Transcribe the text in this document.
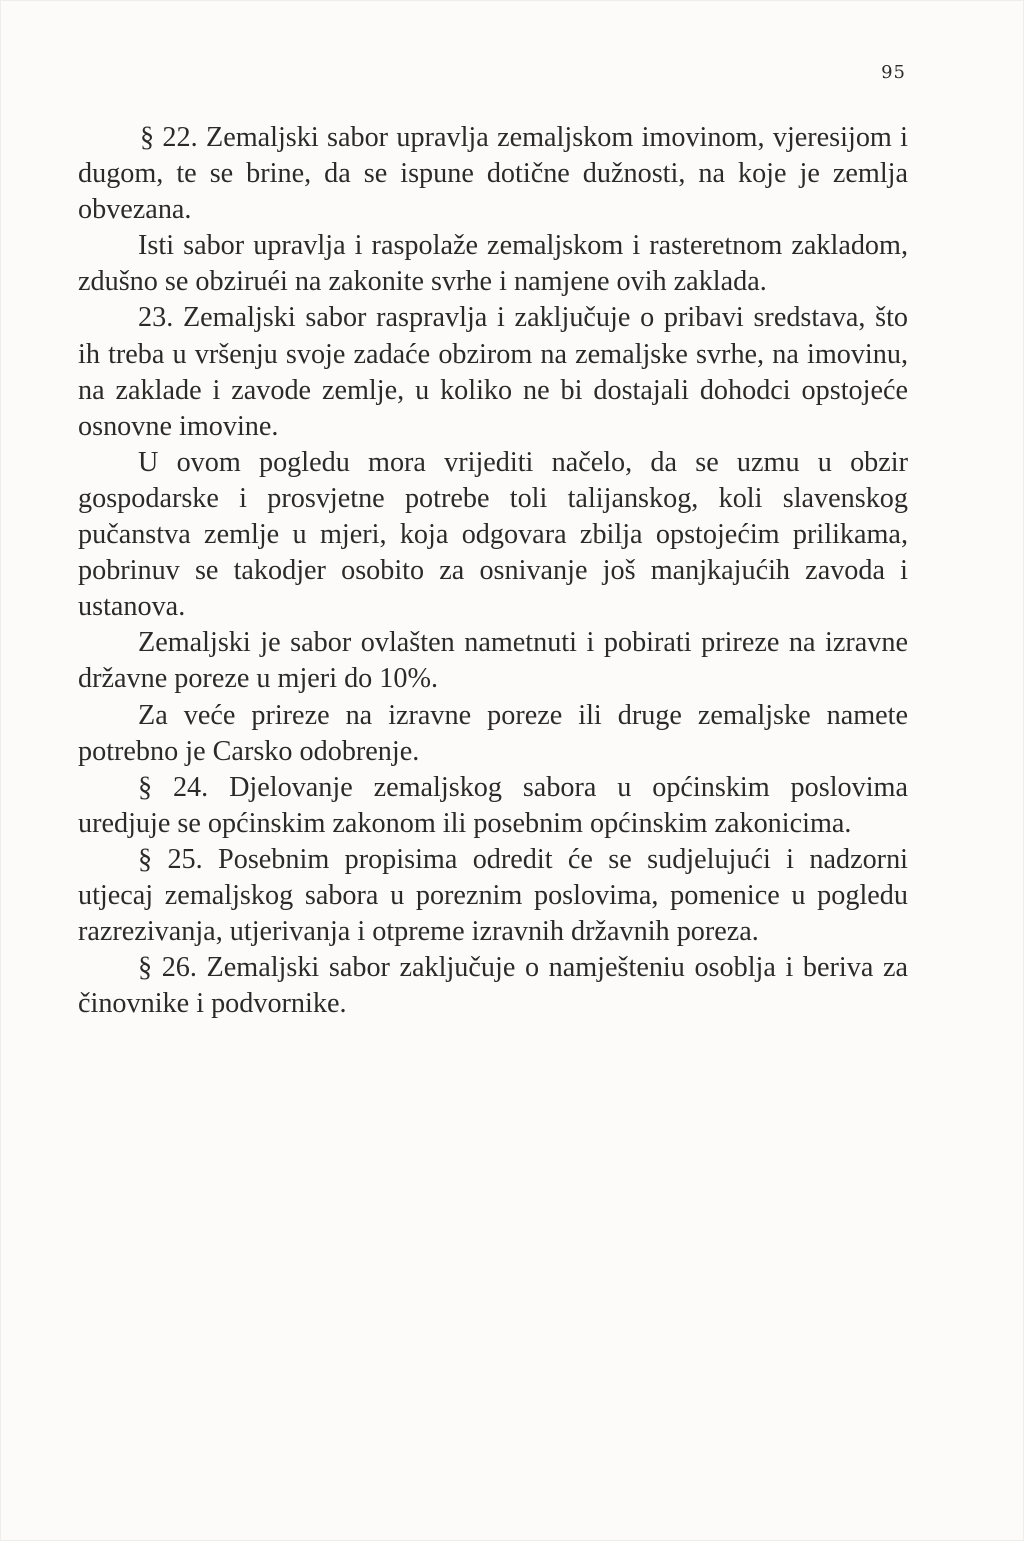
95

§ 22. Zemaljski sabor upravlja zemaljskom imovinom, vjeresijom i dugom, te se brine, da se ispune dotične dužnosti, na koje je zemlja obvezana.

Isti sabor upravlja i raspolaže zemaljskom i rasteretnom zakladom, zdušno se obziruéi na zakonite svrhe i namjene ovih zaklada.

23. Zemaljski sabor raspravlja i zaključuje o pribavi sredstava, što ih treba u vršenju svoje zadaće obzirom na zemaljske svrhe, na imovinu, na zaklade i zavode zemlje, u koliko ne bi dostajali dohodci opstojeće osnovne imovine.

U ovom pogledu mora vrijediti načelo, da se uzmu u obzir gospodarske i prosvjetne potrebe toli talijanskog, koli slavenskog pučanstva zemlje u mjeri, koja odgovara zbilja opstojećim prilikama, pobrinuv se takodjer osobito za osnivanje još manjkajućih zavoda i ustanova.

Zemaljski je sabor ovlašten nametnuti i pobirati prireze na izravne državne poreze u mjeri do 10%.

Za veće prireze na izravne poreze ili druge zemaljske namete potrebno je Carsko odobrenje.

§ 24. Djelovanje zemaljskog sabora u općinskim poslovima uredjuje se općinskim zakonom ili posebnim općinskim zakonicima.

§ 25. Posebnim propisima odredit će se sudjelujući i nadzorni utjecaj zemaljskog sabora u poreznim poslovima, pomenice u pogledu razrezivanja, utjerivanja i otpreme izravnih državnih poreza.

§ 26. Zemaljski sabor zaključuje o namješteniu osoblja i beriva za činovnike i podvornike.
